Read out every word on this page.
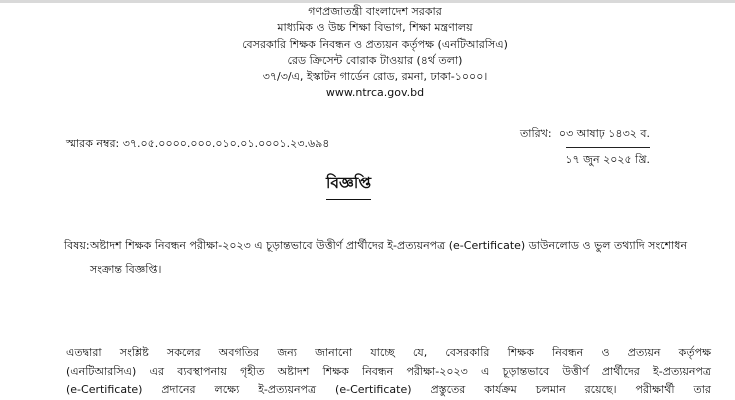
গণপ্রজাতন্ত্রী বাংলাদেশ সরকার
মাধ্যমিক ও উচ্চ শিক্ষা বিভাগ, শিক্ষা মন্ত্রণালয়
বেসরকারি শিক্ষক নিবন্ধন ও প্রত্যয়ন কর্তৃপক্ষ (এনটিআরসিএ)
রেড ক্রিসেন্ট বোরাক টাওয়ার (৪র্থ তলা)
৩৭/৩/এ, ইস্কাটন গার্ডেন রোড, রমনা, ঢাকা-১০০০।
www.ntrca.gov.bd
স্মারক নম্বর: ৩৭.০৫.০০০০.০০০.০১০.০১.০০০১.২৩.৬৯৪
তারিখ: ০৩ আষাঢ় ১৪৩২ ব.
১৭ জুন ২০২৫ খ্রি.
বিজ্ঞপ্তি
বিষয়: অষ্টাদশ শিক্ষক নিবন্ধন পরীক্ষা-২০২৩ এ চূড়ান্তভাবে উত্তীর্ণ প্রার্থীদের ই-প্রত্যয়নপত্র (e-Certificate) ডাউনলোড ও ভুল তথ্যাদি সংশোধন সংক্রান্ত বিজ্ঞপ্তি।
এতদ্বারা সংশ্লিষ্ট সকলের অবগতির জন্য জানানো যাচ্ছে যে, বেসরকারি শিক্ষক নিবন্ধন ও প্রত্যয়ন কর্তৃপক্ষ
(এনটিআরসিএ) এর ব্যবস্থাপনায় গৃহীত অষ্টাদশ শিক্ষক নিবন্ধন পরীক্ষা-২০২৩ এ চূড়ান্তভাবে উত্তীর্ণ প্রার্থীদের ই-প্রত্যয়নপত্র
(e-Certificate) প্রদানের লক্ষ্যে ই-প্রত্যয়নপত্র (e-Certificate) প্রস্তুতের কার্যক্রম চলমান রয়েছে। পরীক্ষার্থী তার
